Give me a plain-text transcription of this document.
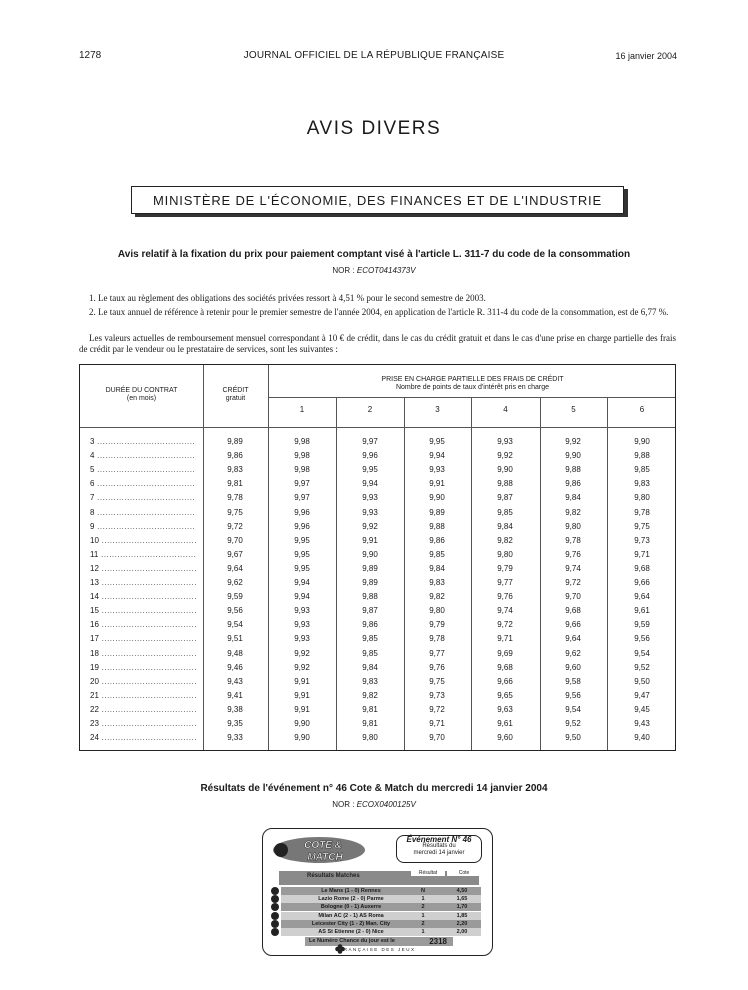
1278	JOURNAL OFFICIEL DE LA RÉPUBLIQUE FRANÇAISE	16 janvier 2004
AVIS DIVERS
MINISTÈRE DE L'ÉCONOMIE, DES FINANCES ET DE L'INDUSTRIE
Avis relatif à la fixation du prix pour paiement comptant visé à l'article L. 311-7 du code de la consommation
NOR : ECOT0414373V
1. Le taux au règlement des obligations des sociétés privées ressort à 4,51 % pour le second semestre de 2003.
2. Le taux annuel de référence à retenir pour le premier semestre de l'année 2004, en application de l'article R. 311-4 du code de la consommation, est de 6,77 %.
Les valeurs actuelles de remboursement mensuel correspondant à 10 € de crédit, dans le cas du crédit gratuit et dans le cas d'une prise en charge partielle des frais de crédit par le vendeur ou le prestataire de services, sont les suivantes :
DURÉE DU CONTRAT
(en mois)
CRÉDIT
gratuit
PRISE EN CHARGE PARTIELLE DES FRAIS DE CRÉDIT
Nombre de points de taux d'intérêt pris en charge
1	2	3	4	5	6
3 .....	9,89	9,98	9,97	9,95	9,93	9,92	9,90
4 .....	9,86	9,98	9,96	9,94	9,92	9,90	9,88
5 .....	9,83	9,98	9,95	9,93	9,90	9,88	9,85
6 .....	9,81	9,97	9,94	9,91	9,88	9,86	9,83
7 .....	9,78	9,97	9,93	9,90	9,87	9,84	9,80
8 .....	9,75	9,96	9,93	9,89	9,85	9,82	9,78
9 .....	9,72	9,96	9,92	9,88	9,84	9,80	9,75
10 .....	9,70	9,95	9,91	9,86	9,82	9,78	9,73
11 .....	9,67	9,95	9,90	9,85	9,80	9,76	9,71
12 .....	9,64	9,95	9,89	9,84	9,79	9,74	9,68
13 .....	9,62	9,94	9,89	9,83	9,77	9,72	9,66
14 .....	9,59	9,94	9,88	9,82	9,76	9,70	9,64
15 .....	9,56	9,93	9,87	9,80	9,74	9,68	9,61
16 .....	9,54	9,93	9,86	9,79	9,72	9,66	9,59
17 .....	9,51	9,93	9,85	9,78	9,71	9,64	9,56
18 .....	9,48	9,92	9,85	9,77	9,69	9,62	9,54
19 .....	9,46	9,92	9,84	9,76	9,68	9,60	9,52
20 .....	9,43	9,91	9,83	9,75	9,66	9,58	9,50
21 .....	9,41	9,91	9,82	9,73	9,65	9,56	9,47
22 .....	9,38	9,91	9,81	9,72	9,63	9,54	9,45
23 .....	9,35	9,90	9,81	9,71	9,61	9,52	9,43
24 .....	9,33	9,90	9,80	9,70	9,60	9,50	9,40
Résultats de l'événement n° 46 Cote & Match du mercredi 14 janvier 2004
NOR : ECOX0400125V
COTE &
MATCH
Événement N° 46
Résultats du
mercredi 14 janvier
Résultats Matches	Résultat	Cote
Le Mans (1 - 0) Rennes	N	4,50
Lazio Rome (2 - 0) Parme	1	1,65
Bologne (0 - 1) Auxerre	2	1,70
Milan AC (2 - 1) AS Roma	1	1,85
Leicester City (1 - 2) Man. City	2	2,20
AS St Etienne (2 - 0) Nice	1	2,00
Le Numéro Chance du jour est le	2318
FRANÇAISE DES JEUX
